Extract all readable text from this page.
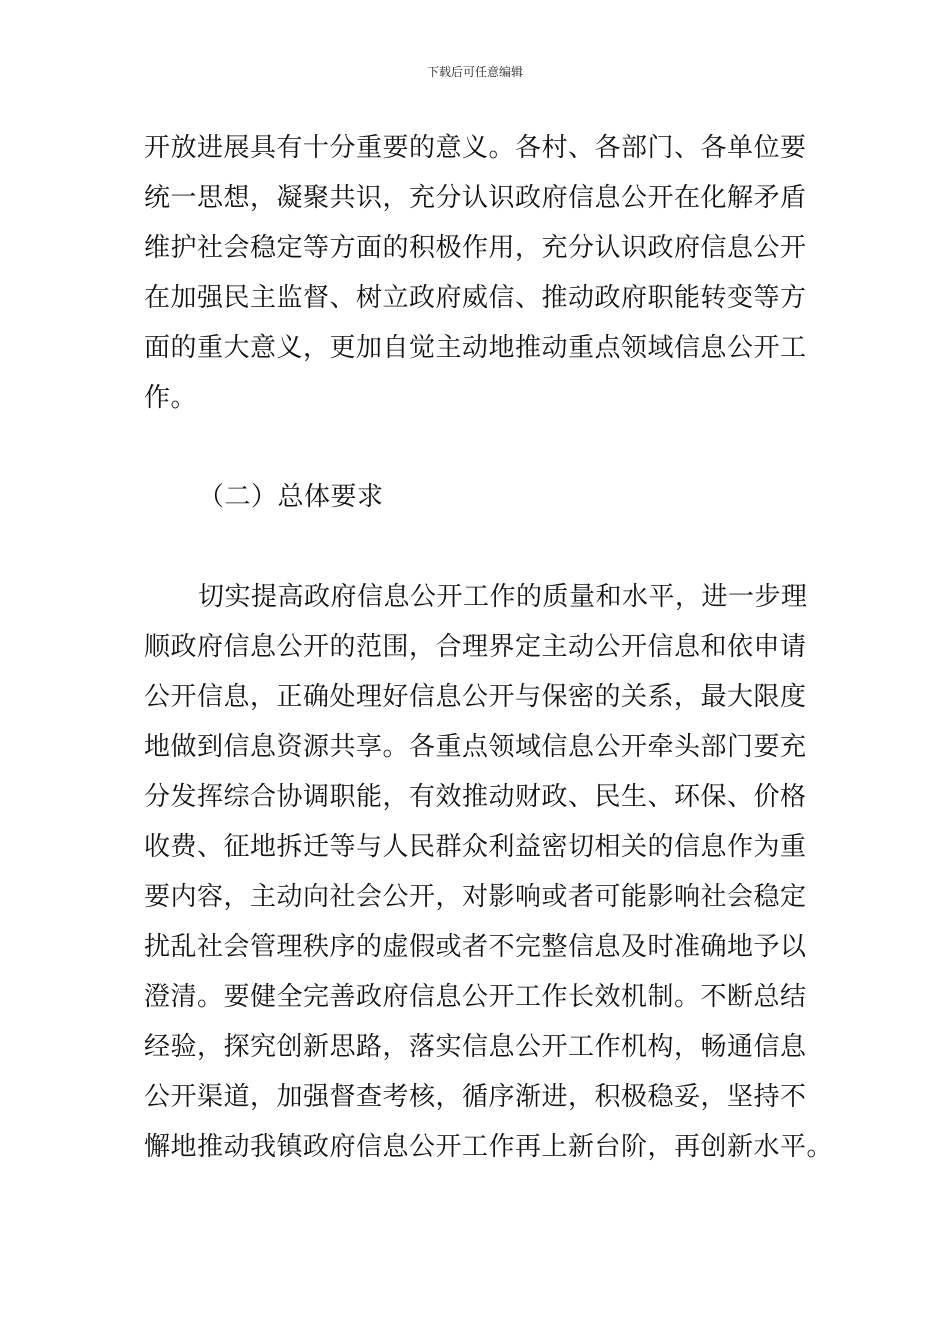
下载后可任意编辑
开放进展具有十分重要的意义。各村、各部门、各单位要
统一思想，凝聚共识，充分认识政府信息公开在化解矛盾
维护社会稳定等方面的积极作用，充分认识政府信息公开
在加强民主监督、树立政府威信、推动政府职能转变等方
面的重大意义，更加自觉主动地推动重点领域信息公开工
作。
（二）总体要求
切实提高政府信息公开工作的质量和水平，进一步理
顺政府信息公开的范围，合理界定主动公开信息和依申请
公开信息，正确处理好信息公开与保密的关系，最大限度
地做到信息资源共享。各重点领域信息公开牵头部门要充
分发挥综合协调职能，有效推动财政、民生、环保、价格
收费、征地拆迁等与人民群众利益密切相关的信息作为重
要内容，主动向社会公开，对影响或者可能影响社会稳定
扰乱社会管理秩序的虚假或者不完整信息及时准确地予以
澄清。要健全完善政府信息公开工作长效机制。不断总结
经验，探究创新思路，落实信息公开工作机构，畅通信息
公开渠道，加强督查考核，循序渐进，积极稳妥，坚持不
懈地推动我镇政府信息公开工作再上新台阶，再创新水平。
